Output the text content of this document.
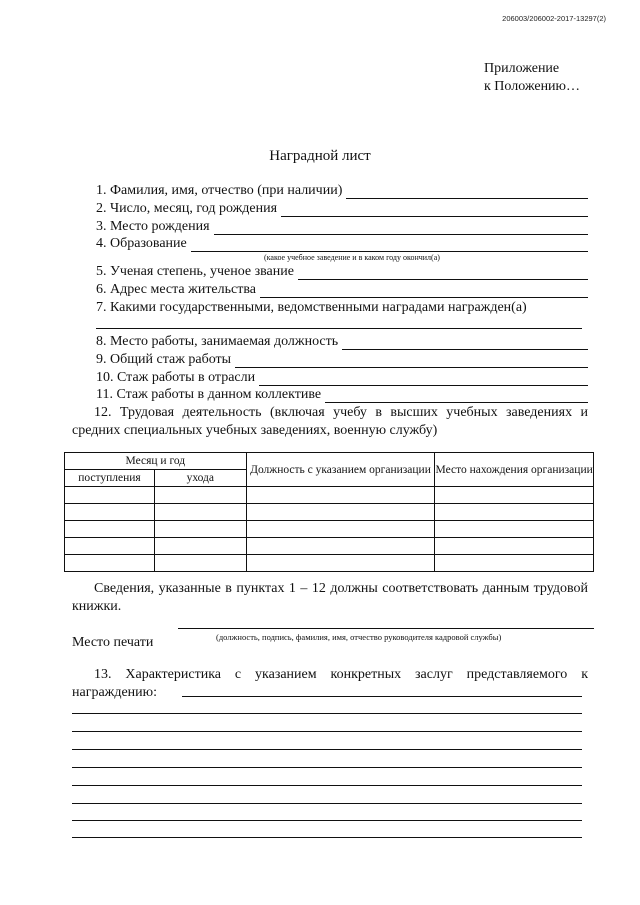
206003/206002-2017-13297(2)
Приложение
к Положению…
Наградной лист
1. Фамилия, имя, отчество (при наличии)
2. Число, месяц, год рождения
3. Место рождения
4. Образование
(какое учебное заведение и в каком году окончил(а)
5. Ученая степень, ученое звание
6. Адрес места жительства
7. Какими государственными, ведомственными наградами награжден(а)
8. Место работы, занимаемая должность
9. Общий стаж работы
10. Стаж работы в отрасли
11. Стаж работы в данном коллективе
12. Трудовая деятельность (включая учебу в высших учебных заведениях и средних специальных учебных заведениях, военную службу)
Месяц и год		Должность с указанием организации	Место нахождения организации
поступления	ухода		

Сведения, указанные в пунктах 1 – 12 должны соответствовать данным трудовой книжки.
Место печати	(должность, подпись, фамилия, имя, отчество руководителя кадровой службы)
13. Характеристика с указанием конкретных заслуг представляемого к награждению:
